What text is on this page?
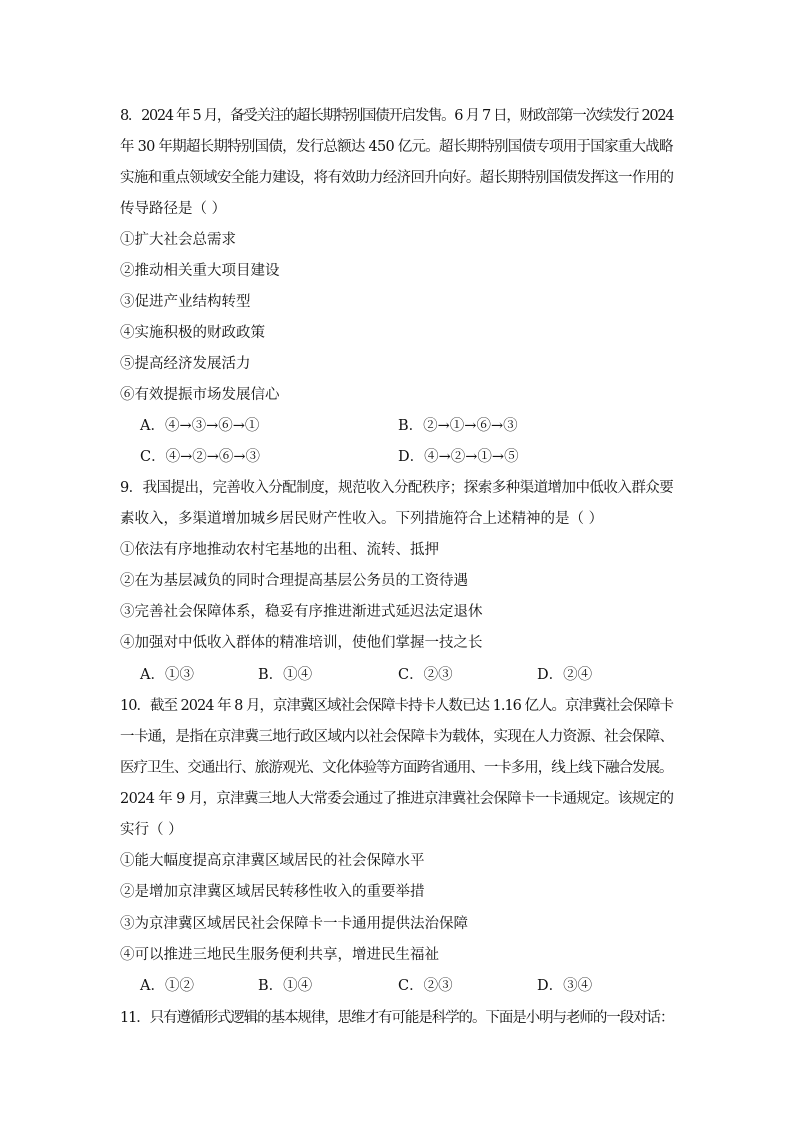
8．2024 年 5 月，备受关注的超长期特别国债开启发售。6 月 7 日，财政部第一次续发行 2024
年 30 年期超长期特别国债，发行总额达 450 亿元。超长期特别国债专项用于国家重大战略
实施和重点领域安全能力建设，将有效助力经济回升向好。超长期特别国债发挥这一作用的
传导路径是（ ）
①扩大社会总需求
②推动相关重大项目建设
③促进产业结构转型
④实施积极的财政政策
⑤提高经济发展活力
⑥有效提振市场发展信心
A．④→③→⑥→①	B．②→①→⑥→③
C．④→②→⑥→③	D．④→②→①→⑤
9．我国提出，完善收入分配制度，规范收入分配秩序；探索多种渠道增加中低收入群众要
素收入，多渠道增加城乡居民财产性收入。下列措施符合上述精神的是（ ）
①依法有序地推动农村宅基地的出租、流转、抵押
②在为基层减负的同时合理提高基层公务员的工资待遇
③完善社会保障体系，稳妥有序推进渐进式延迟法定退休
④加强对中低收入群体的精准培训，使他们掌握一技之长
A．①③	B．①④	C．②③	D．②④
10．截至 2024 年 8 月，京津冀区域社会保障卡持卡人数已达 1.16 亿人。京津冀社会保障卡
一卡通，是指在京津冀三地行政区域内以社会保障卡为载体，实现在人力资源、社会保障、
医疗卫生、交通出行、旅游观光、文化体验等方面跨省通用、一卡多用，线上线下融合发展。
2024 年 9 月，京津冀三地人大常委会通过了推进京津冀社会保障卡一卡通规定。该规定的
实行（ ）
①能大幅度提高京津冀区域居民的社会保障水平
②是增加京津冀区域居民转移性收入的重要举措
③为京津冀区域居民社会保障卡一卡通用提供法治保障
④可以推进三地民生服务便利共享，增进民生福祉
A．①②	B．①④	C．②③	D．③④
11．只有遵循形式逻辑的基本规律，思维才有可能是科学的。下面是小明与老师的一段对话：
